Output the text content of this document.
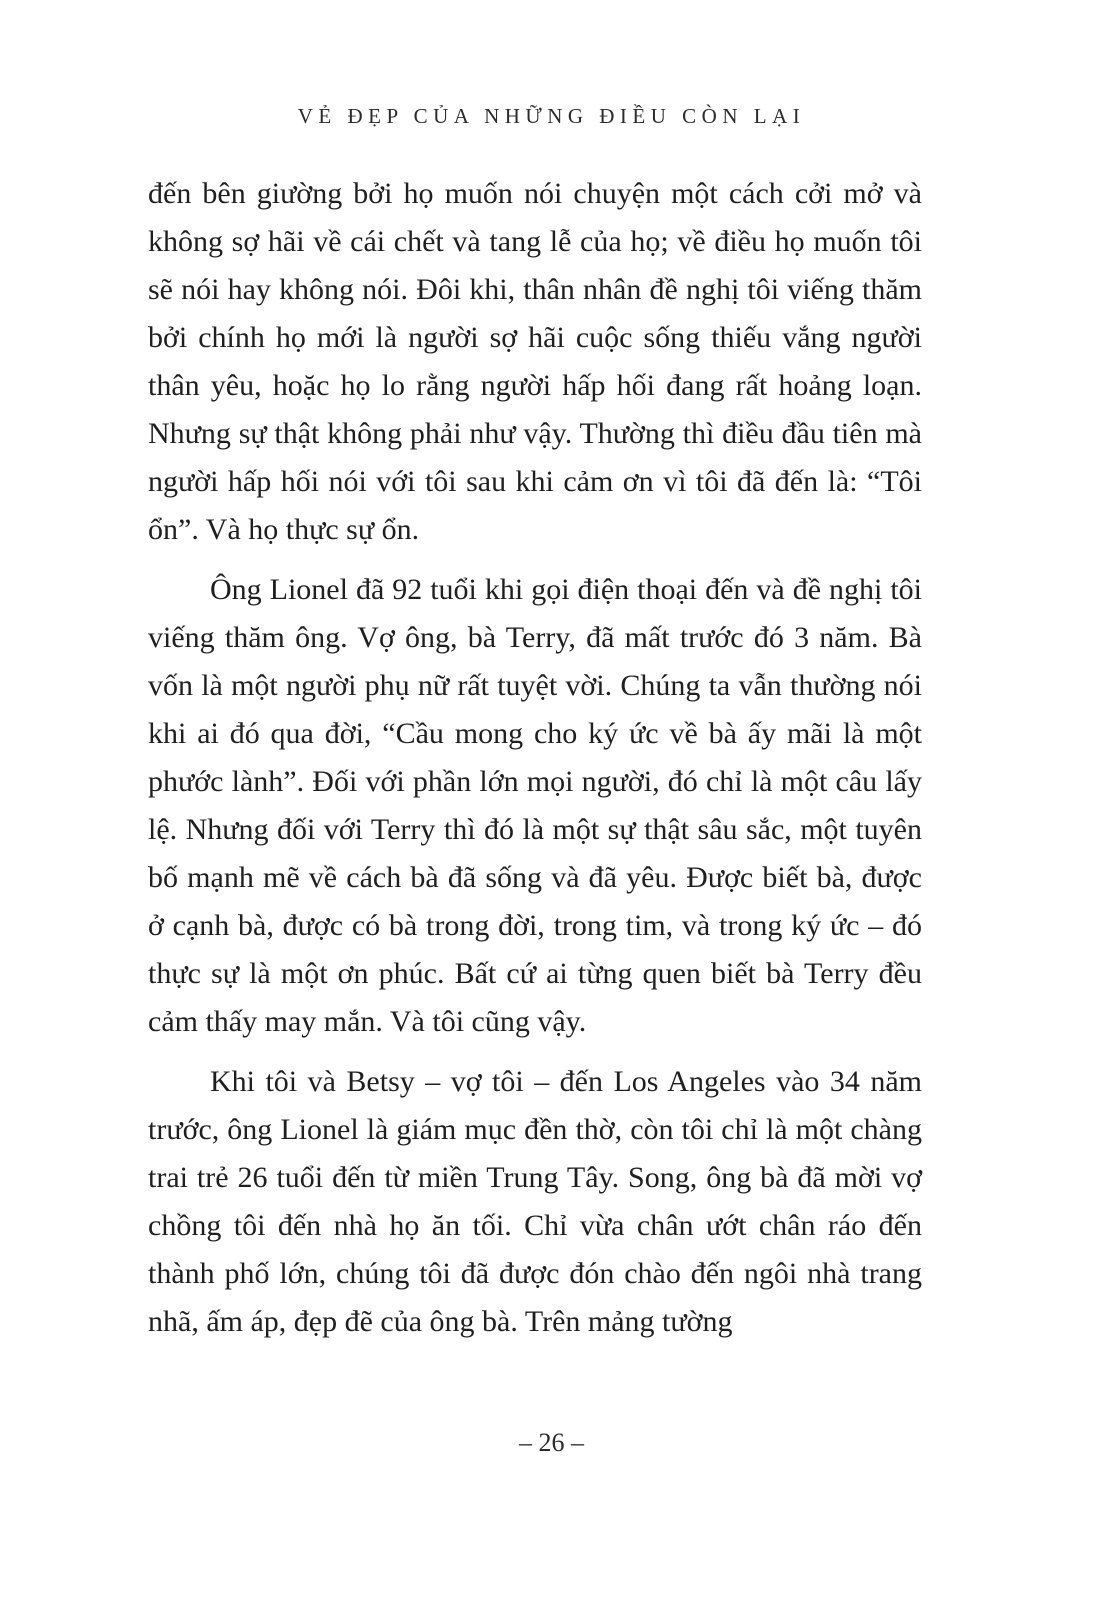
VẺ ĐẸP CỦA NHỮNG ĐIỀU CÒN LẠI

đến bên giường bởi họ muốn nói chuyện một cách cởi mở và không sợ hãi về cái chết và tang lễ của họ; về điều họ muốn tôi sẽ nói hay không nói. Đôi khi, thân nhân đề nghị tôi viếng thăm bởi chính họ mới là người sợ hãi cuộc sống thiếu vắng người thân yêu, hoặc họ lo rằng người hấp hối đang rất hoảng loạn. Nhưng sự thật không phải như vậy. Thường thì điều đầu tiên mà người hấp hối nói với tôi sau khi cảm ơn vì tôi đã đến là: “Tôi ổn”. Và họ thực sự ổn.

Ông Lionel đã 92 tuổi khi gọi điện thoại đến và đề nghị tôi viếng thăm ông. Vợ ông, bà Terry, đã mất trước đó 3 năm. Bà vốn là một người phụ nữ rất tuyệt vời. Chúng ta vẫn thường nói khi ai đó qua đời, “Cầu mong cho ký ức về bà ấy mãi là một phước lành”. Đối với phần lớn mọi người, đó chỉ là một câu lấy lệ. Nhưng đối với Terry thì đó là một sự thật sâu sắc, một tuyên bố mạnh mẽ về cách bà đã sống và đã yêu. Được biết bà, được ở cạnh bà, được có bà trong đời, trong tim, và trong ký ức – đó thực sự là một ơn phúc. Bất cứ ai từng quen biết bà Terry đều cảm thấy may mắn. Và tôi cũng vậy.

Khi tôi và Betsy – vợ tôi – đến Los Angeles vào 34 năm trước, ông Lionel là giám mục đền thờ, còn tôi chỉ là một chàng trai trẻ 26 tuổi đến từ miền Trung Tây. Song, ông bà đã mời vợ chồng tôi đến nhà họ ăn tối. Chỉ vừa chân ướt chân ráo đến thành phố lớn, chúng tôi đã được đón chào đến ngôi nhà trang nhã, ấm áp, đẹp đẽ của ông bà. Trên mảng tường

– 26 –
